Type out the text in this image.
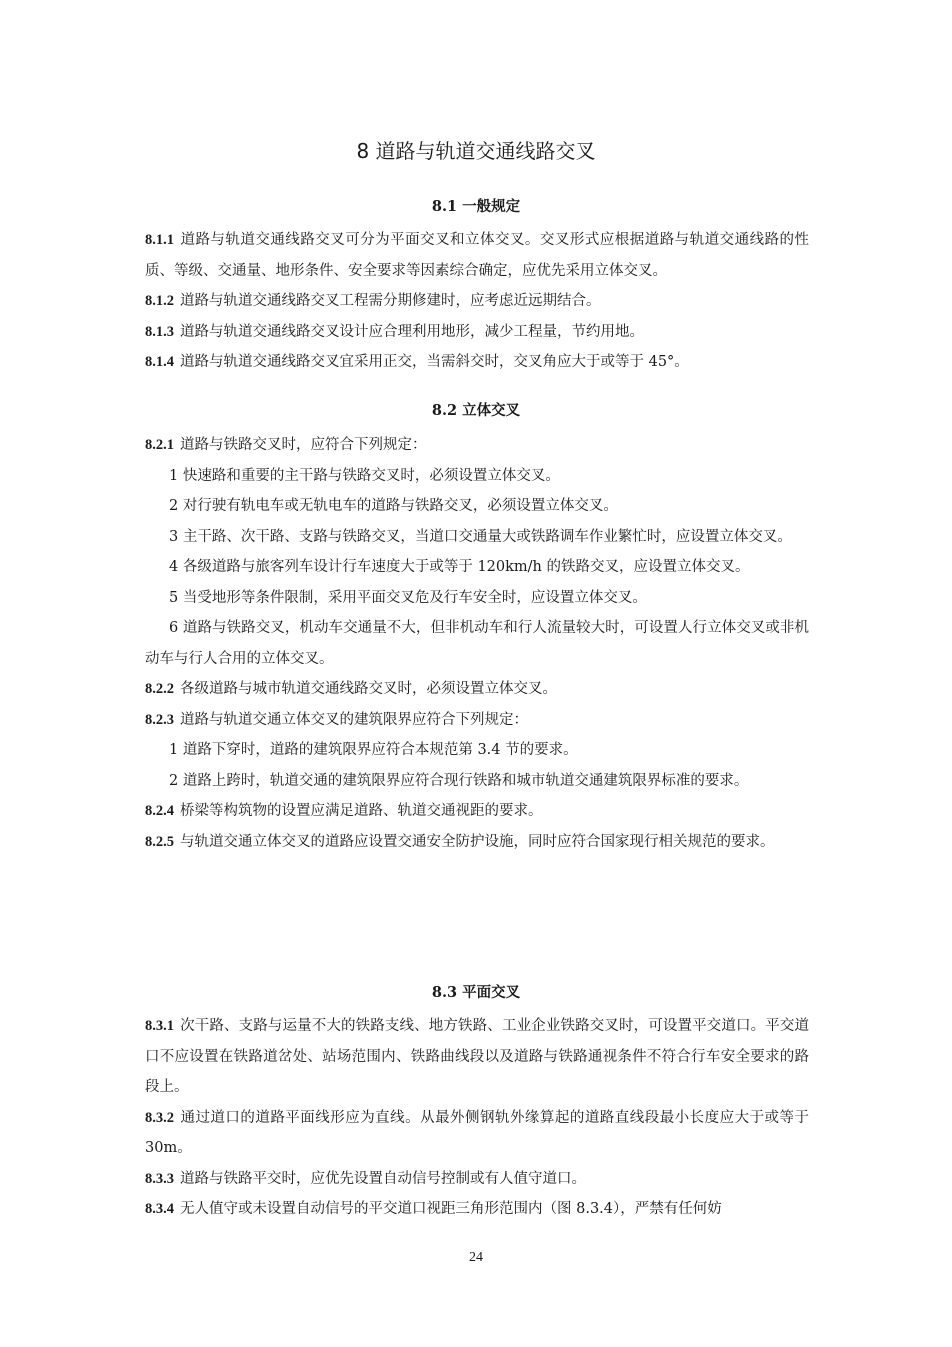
8 道路与轨道交通线路交叉
8.1 一般规定

8.1.1 道路与轨道交通线路交叉可分为平面交叉和立体交叉。交叉形式应根据道路与轨道交通线路的性质、等级、交通量、地形条件、安全要求等因素综合确定，应优先采用立体交叉。

8.1.2 道路与轨道交通线路交叉工程需分期修建时，应考虑近远期结合。

8.1.3 道路与轨道交通线路交叉设计应合理利用地形，减少工程量，节约用地。

8.1.4 道路与轨道交通线路交叉宜采用正交，当需斜交时，交叉角应大于或等于 45°。

8.2 立体交叉

8.2.1 道路与铁路交叉时，应符合下列规定：

1 快速路和重要的主干路与铁路交叉时，必须设置立体交叉。

2 对行驶有轨电车或无轨电车的道路与铁路交叉，必须设置立体交叉。

3 主干路、次干路、支路与铁路交叉，当道口交通量大或铁路调车作业繁忙时，应设置立体交叉。

4 各级道路与旅客列车设计行车速度大于或等于 120km/h 的铁路交叉，应设置立体交叉。

5 当受地形等条件限制，采用平面交叉危及行车安全时，应设置立体交叉。

6 道路与铁路交叉，机动车交通量不大，但非机动车和行人流量较大时，可设置人行立体交叉或非机动车与行人合用的立体交叉。

8.2.2 各级道路与城市轨道交通线路交叉时，必须设置立体交叉。

8.2.3 道路与轨道交通立体交叉的建筑限界应符合下列规定：

1 道路下穿时，道路的建筑限界应符合本规范第 3.4 节的要求。

2 道路上跨时，轨道交通的建筑限界应符合现行铁路和城市轨道交通建筑限界标准的要求。

8.2.4 桥梁等构筑物的设置应满足道路、轨道交通视距的要求。

8.2.5 与轨道交通立体交叉的道路应设置交通安全防护设施，同时应符合国家现行相关规范的要求。

8.3 平面交叉

8.3.1 次干路、支路与运量不大的铁路支线、地方铁路、工业企业铁路交叉时，可设置平交道口。平交道口不应设置在铁路道岔处、站场范围内、铁路曲线段以及道路与铁路通视条件不符合行车安全要求的路段上。

8.3.2 通过道口的道路平面线形应为直线。从最外侧钢轨外缘算起的道路直线段最小长度应大于或等于 30m。

8.3.3 道路与铁路平交时，应优先设置自动信号控制或有人值守道口。

8.3.4 无人值守或未设置自动信号的平交道口视距三角形范围内（图 8.3.4），严禁有任何妨

24
